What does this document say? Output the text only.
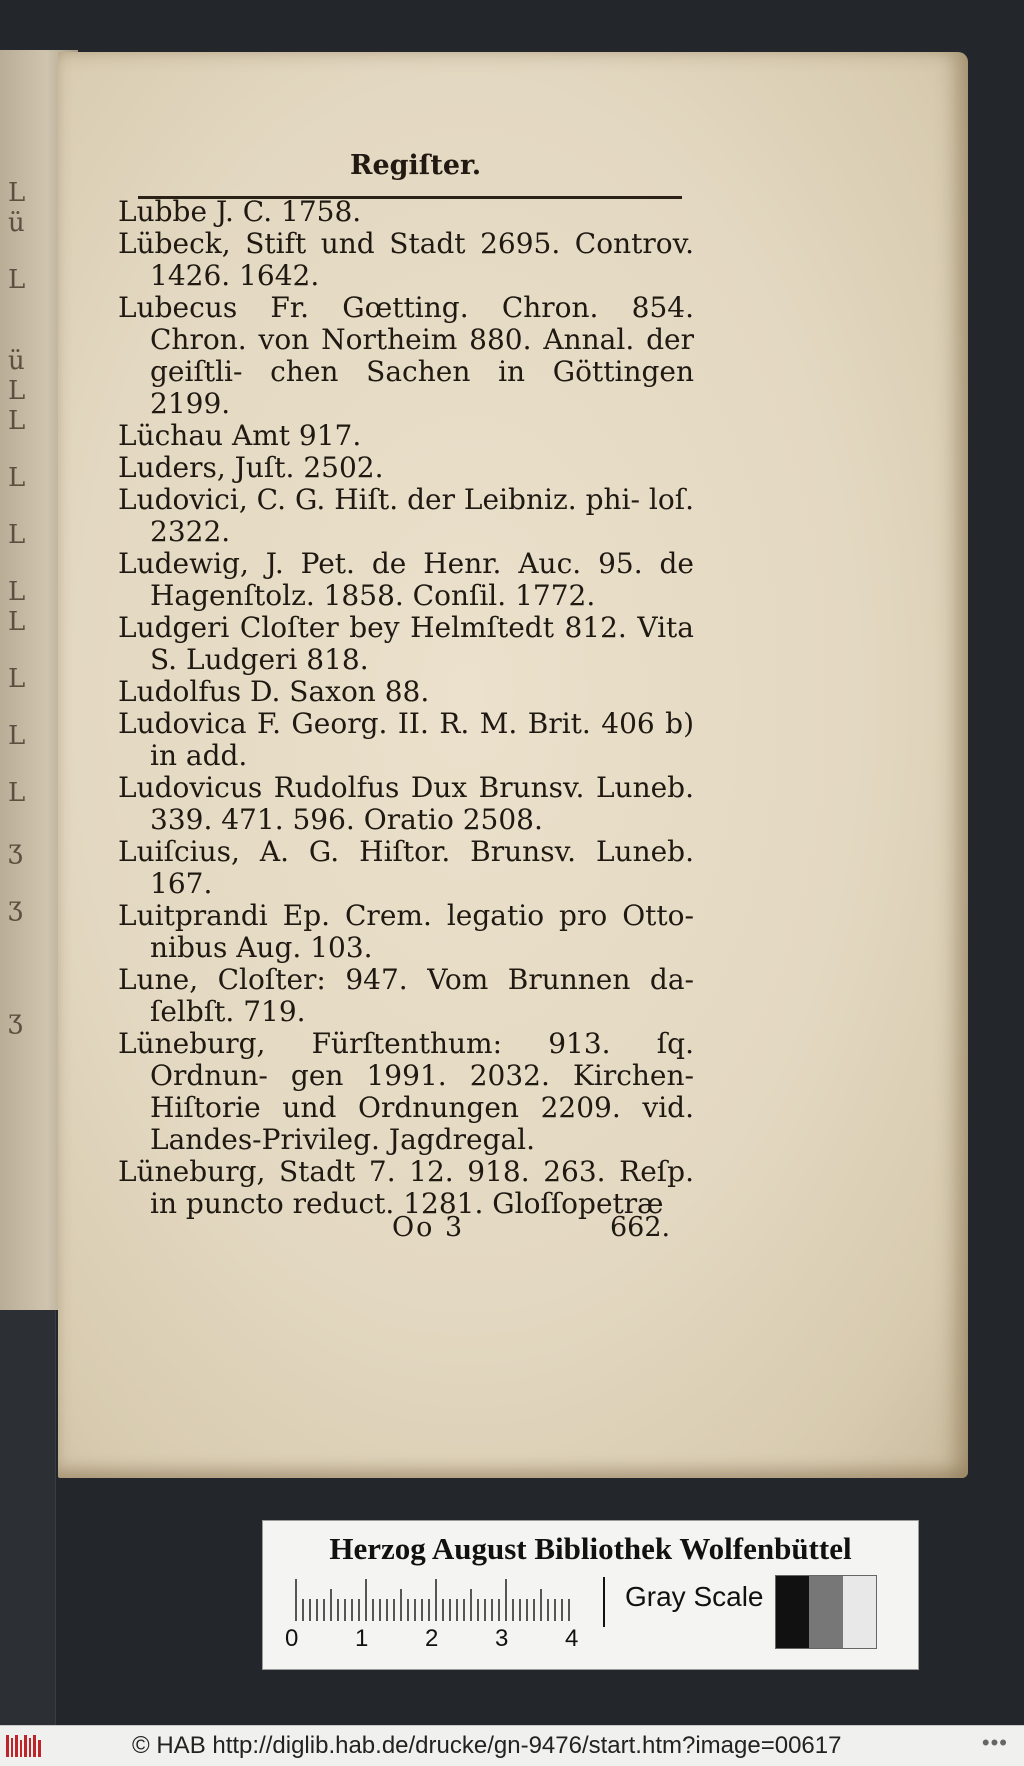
L
ü
L
ü
L
L
L
L
L
L
L
L
L
ʒ
ʒ
ʒ
Regiſter.
Lubbe J. C. 1758.
Lübeck, Stift und Stadt 2695. Controv. 1426. 1642.
Lubecus Fr. Gœtting. Chron. 854. Chron. von Northeim 880. Annal. der geiſtli- chen Sachen in Göttingen 2199.
Lüchau Amt 917.
Luders, Juſt. 2502.
Ludovici, C. G. Hiſt. der Leibniz. phi- loſ. 2322.
Ludewig, J. Pet. de Henr. Auc. 95. de Hagenſtolz. 1858. Conſil. 1772.
Ludgeri Cloſter bey Helmſtedt 812. Vita S. Ludgeri 818.
Ludolfus D. Saxon 88.
Ludovica F. Georg. II. R. M. Brit. 406 b) in add.
Ludovicus Rudolfus Dux Brunsv. Luneb. 339. 471. 596. Oratio 2508.
Luiſcius, A. G. Hiſtor. Brunsv. Luneb. 167.
Luitprandi Ep. Crem. legatio pro Otto- nibus Aug. 103.
Lune, Cloſter: 947. Vom Brunnen da- ſelbſt. 719.
Lüneburg, Fürſtenthum: 913. ſq. Ordnun- gen 1991. 2032. Kirchen-Hiſtorie und Ordnungen 2209. vid. Landes-Privileg. Jagdregal.
Lüneburg, Stadt 7. 12. 918. 263. Reſp. in puncto reduct. 1281. Gloſſopetræ
Oo 3	662.
Herzog August Bibliothek Wolfenbüttel
0 1 2 3 4
Gray Scale
© HAB http://diglib.hab.de/drucke/gn-9476/start.htm?image=00617	•••
